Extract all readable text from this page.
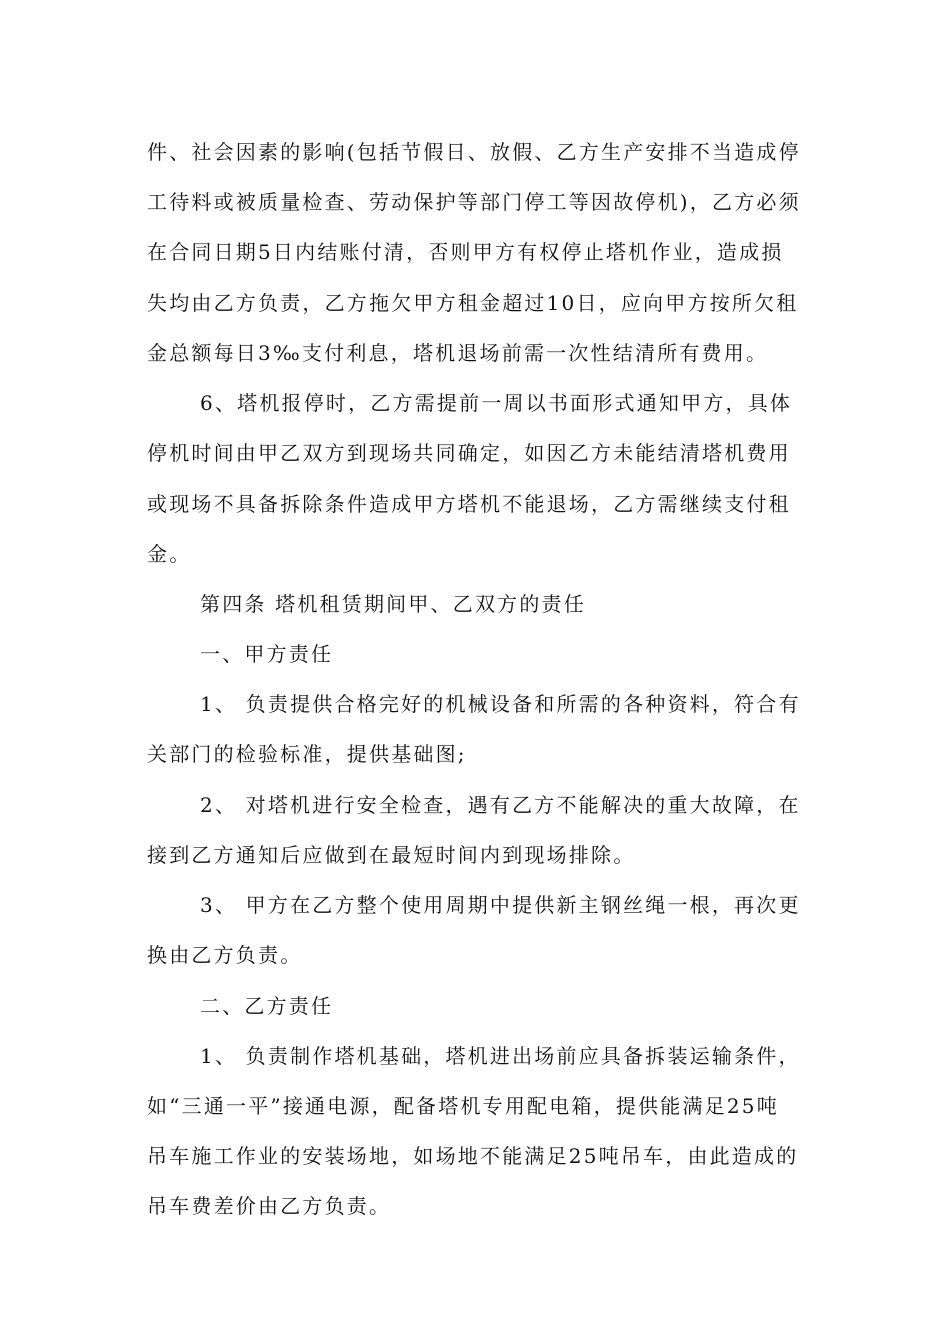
件、社会因素的影响(包括节假日、放假、乙方生产安排不当造成停
工待料或被质量检查、劳动保护等部门停工等因故停机)，乙方必须
在合同日期5日内结账付清，否则甲方有权停止塔机作业，造成损
失均由乙方负责，乙方拖欠甲方租金超过10日，应向甲方按所欠租
金总额每日3‰支付利息，塔机退场前需一次性结清所有费用。
6、塔机报停时，乙方需提前一周以书面形式通知甲方，具体
停机时间由甲乙双方到现场共同确定，如因乙方未能结清塔机费用
或现场不具备拆除条件造成甲方塔机不能退场，乙方需继续支付租
金。
第四条 塔机租赁期间甲、乙双方的责任
一、甲方责任
1、 负责提供合格完好的机械设备和所需的各种资料，符合有
关部门的检验标准，提供基础图;
2、 对塔机进行安全检查，遇有乙方不能解决的重大故障，在
接到乙方通知后应做到在最短时间内到现场排除。
3、 甲方在乙方整个使用周期中提供新主钢丝绳一根，再次更
换由乙方负责。
二、乙方责任
1、 负责制作塔机基础，塔机进出场前应具备拆装运输条件，
如“三通一平”接通电源，配备塔机专用配电箱，提供能满足25吨
吊车施工作业的安装场地，如场地不能满足25吨吊车，由此造成的
吊车费差价由乙方负责。
